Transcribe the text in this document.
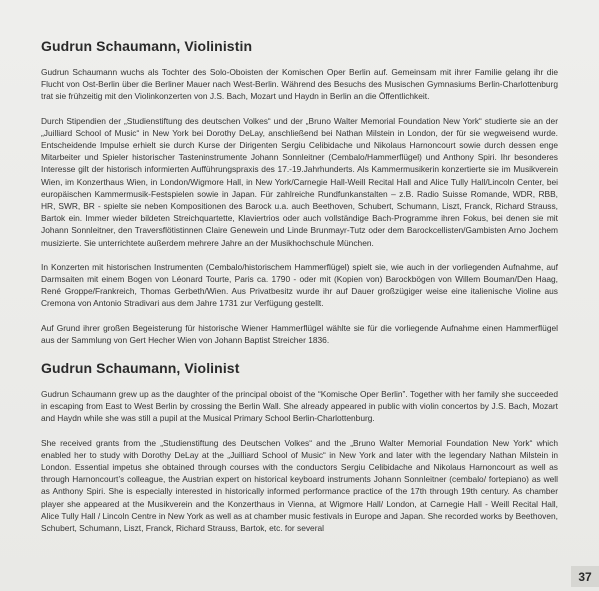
Gudrun Schaumann, Violinistin

Gudrun Schaumann wuchs als Tochter des Solo-Oboisten der Komischen Oper Berlin auf. Gemeinsam mit ihrer Familie gelang ihr die Flucht von Ost-Berlin über die Berliner Mauer nach West-Berlin. Während des Besuchs des Musischen Gymnasiums Berlin-Charlottenburg trat sie frühzeitig mit den Violinkonzerten von J.S. Bach, Mozart und Haydn in Berlin an die Öffentlichkeit.

Durch Stipendien der „Studienstiftung des deutschen Volkes“ und der „Bruno Walter Memorial Foundation New York“ studierte sie an der „Juilliard School of Music“ in New York bei Dorothy DeLay, anschließend bei Nathan Milstein in London, der für sie wegweisend wurde. Entscheidende Impulse erhielt sie durch Kurse der Dirigenten Sergiu Celibidache und Nikolaus Harnoncourt sowie durch dessen enge Mitarbeiter und Spieler historischer Tasteninstrumente Johann Sonnleitner (Cembalo/Hammerflügel) und Anthony Spiri. Ihr besonderes Interesse gilt der historisch informierten Aufführungspraxis des 17.-19.Jahrhunderts. Als Kammermusikerin konzertierte sie im Musikverein Wien, im Konzerthaus Wien, in London/Wigmore Hall, in New York/Carnegie Hall-Weill Recital Hall and Alice Tully Hall/Lincoln Center, bei europäischen Kammermusik-Festspielen sowie in Japan. Für zahlreiche Rundfunkanstalten – z.B. Radio Suisse Romande, WDR, RBB, HR, SWR, BR - spielte sie neben Kompositionen des Barock u.a. auch Beethoven, Schubert, Schumann, Liszt, Franck, Richard Strauss, Bartok ein. Immer wieder bildeten Streichquartette, Klaviertrios oder auch vollständige Bach-Programme ihren Fokus, bei denen sie mit Johann Sonnleitner, den Traversflötistinnen Claire Genewein und Linde Brunmayr-Tutz oder dem Barockcellisten/Gambisten Arno Jochem musizierte. Sie unterrichtete außerdem mehrere Jahre an der Musikhochschule München.

In Konzerten mit historischen Instrumenten (Cembalo/historischem Hammerflügel) spielt sie, wie auch in der vorliegenden Aufnahme, auf Darmsaiten mit einem Bogen von Léonard Tourte, Paris ca. 1790 - oder mit (Kopien von) Barockbögen von Willem Bouman/Den Haag, René Groppe/Frankreich, Thomas Gerbeth/Wien. Aus Privatbesitz wurde ihr auf Dauer großzügiger weise eine italienische Violine aus Cremona von Antonio Stradivari aus dem Jahre 1731 zur Verfügung gestellt.

Auf Grund ihrer großen Begeisterung für historische Wiener Hammerflügel wählte sie für die vorliegende Aufnahme einen Hammerflügel aus der Sammlung von Gert Hecher Wien von Johann Baptist Streicher 1836.

Gudrun Schaumann, Violinist

Gudrun Schaumann grew up as the daughter of the principal oboist of the “Komische Oper Berlin”. Together with her family she succeeded in escaping from East to West Berlin by crossing the Berlin Wall. She already appeared in public with violin concertos by J.S. Bach, Mozart and Haydn while she was still a pupil at the Musical Primary School Berlin-Charlottenburg.

She received grants from the „Studienstiftung des Deutschen Volkes“ and the „Bruno Walter Memorial Foundation New York“ which enabled her to study with Dorothy DeLay at the „Juilliard School of Music“ in New York and later with the legendary Nathan Milstein in London. Essential impetus she obtained through courses with the conductors Sergiu Celibidache and Nikolaus Harnoncourt as well as through Harnoncourt’s colleague, the Austrian expert on historical keyboard instruments Johann Sonnleitner (cembalo/ fortepiano) as well as Anthony Spiri. She is especially interested in historically informed performance practice of the 17th through 19th century. As chamber player she appeared at the Musikverein and the Konzerthaus in Vienna, at Wigmore Hall/ London, at Carnegie Hall - Weill Recital Hall, Alice Tully Hall / Lincoln Centre in New York as well as at chamber music festivals in Europe and Japan. She recorded works by Beethoven, Schubert, Schumann, Liszt, Franck, Richard Strauss, Bartok, etc. for several

37
